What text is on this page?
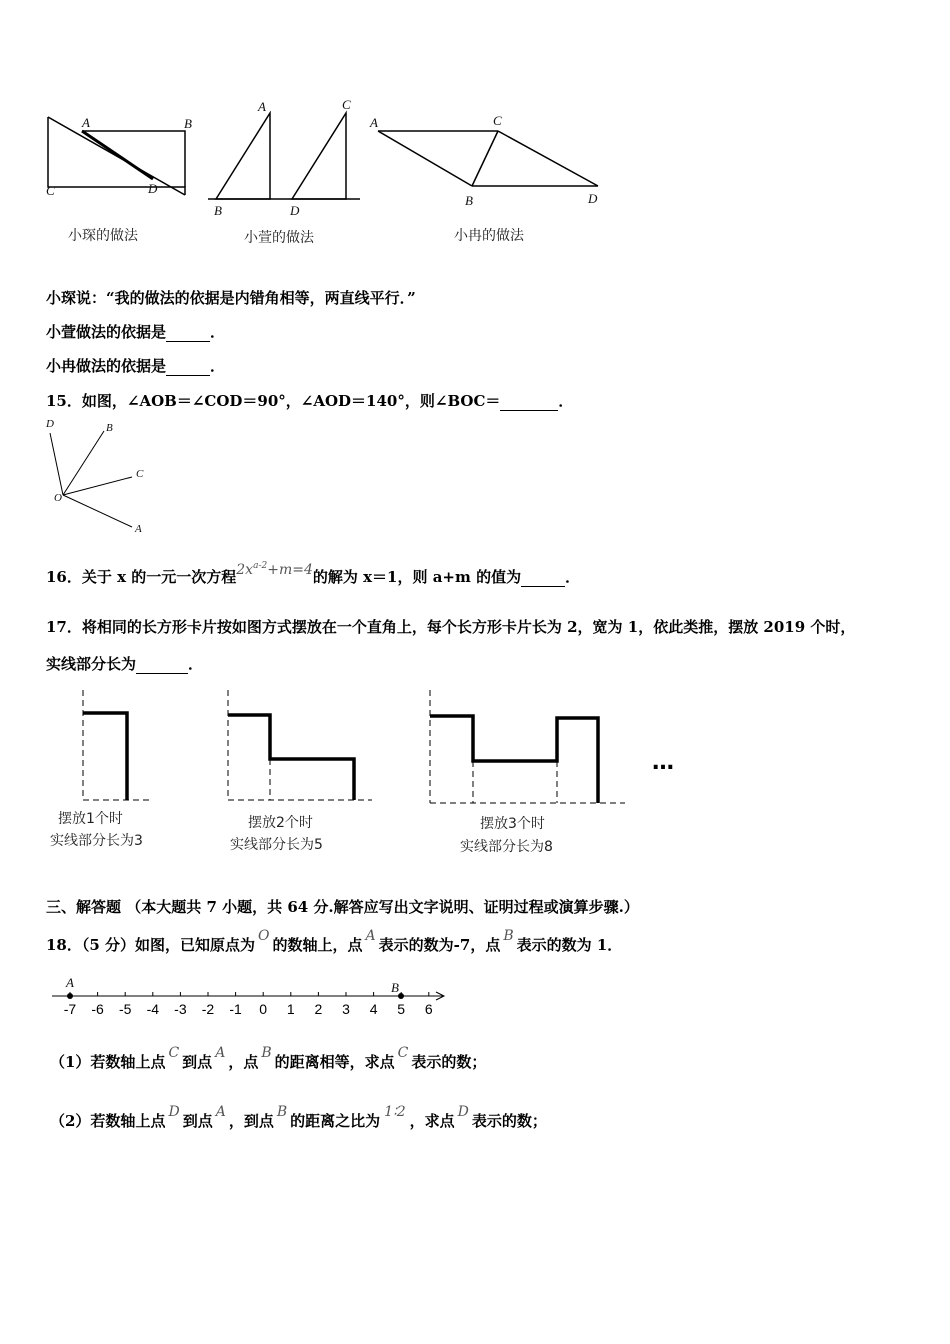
A	B
C	D
小琛的做法
A	C
B	D
小萱的做法
A	C
B	D
小冉的做法
小琛说：“我的做法的依据是内错角相等，两直线平行．”
小萱做法的依据是	．
小冉做法的依据是	．
15．如图，∠AOB＝∠COD＝90°，∠AOD＝140°，则∠BOC＝	．
D	B
C
O
A
16．关于 x 的一元一次方程$2x^{a-2}+m=4$的解为 x＝1，则 a+m 的值为	．
17．将相同的长方形卡片按如图方式摆放在一个直角上，每个长方形卡片长为 2，宽为 1，依此类推，摆放 2019 个时，
实线部分长为	．
摆放1个时
实线部分长为3
摆放2个时
实线部分长为5
摆放3个时
实线部分长为8
…
三、解答题 （本大题共 7 小题，共 64 分.解答应写出文字说明、证明过程或演算步骤.）
18．（5 分）如图，已知原点为 O 的数轴上，点 A 表示的数为-7，点 B 表示的数为 1．
-7 -6 -5 -4 -3 -2 -1 0 1 2 3 4 5 6
A	B
（1）若数轴上点 C 到点 A ，点 B 的距离相等，求点 C 表示的数；
（2）若数轴上点 D 到点 A ，到点 B 的距离之比为 1∶2 ，求点 D 表示的数；
